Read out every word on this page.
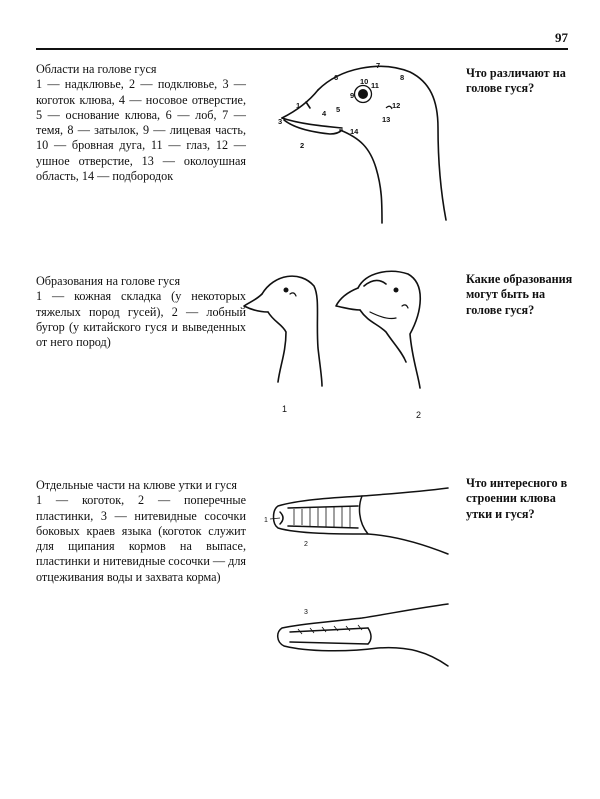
97
Области на голове гуся
1 — надклювье, 2 — подклювье, 3 — коготок клюва, 4 — носовое отверстие, 5 — основание клюва, 6 — лоб, 7 — темя, 8 — затылок, 9 — лицевая часть, 10 — бровная дуга, 11 — глаз, 12 — ушное отверстие, 13 — околоушная область, 14 — подбородок
1
2
3
4 5
6
7
8
9
10 11
12
13
14
Что различают на голове гуся?
Образования на голове гуся
1 — кожная складка (у некоторых тяжелых пород гусей), 2 — лобный бугор (у китайского гуся и выведенных от него пород)
1
2
Какие образования могут быть на голове гуся?
Отдельные части на клюве утки и гуся
1 — коготок, 2 — поперечные пластинки, 3 — нитевидные сосочки боковых краев языка (коготок служит для щипания кормов на выпасе, пластинки и нитевидные сосочки — для отцеживания воды и захвата корма)
1
2
3
Что интересного в строении клюва утки и гуся?
